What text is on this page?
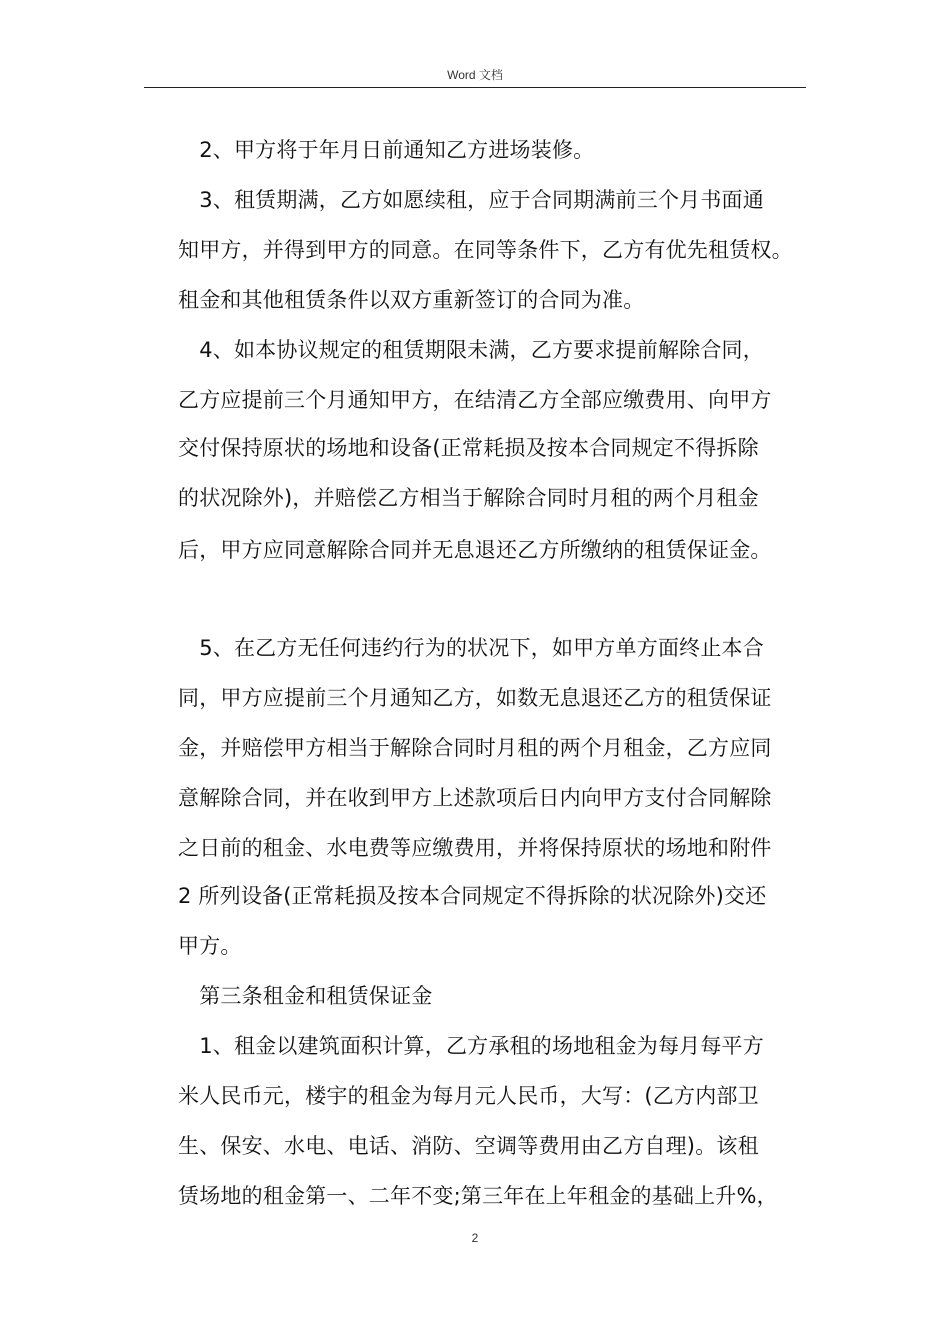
Word 文档
　2、甲方将于年月日前通知乙方进场装修。
　3、租赁期满，乙方如愿续租，应于合同期满前三个月书面通
知甲方，并得到甲方的同意。在同等条件下，乙方有优先租赁权。
租金和其他租赁条件以双方重新签订的合同为准。
　4、如本协议规定的租赁期限未满，乙方要求提前解除合同，
乙方应提前三个月通知甲方，在结清乙方全部应缴费用、向甲方
交付保持原状的场地和设备(正常耗损及按本合同规定不得拆除
的状况除外)，并赔偿乙方相当于解除合同时月租的两个月租金
后，甲方应同意解除合同并无息退还乙方所缴纳的租赁保证金。
　5、在乙方无任何违约行为的状况下，如甲方单方面终止本合
同，甲方应提前三个月通知乙方，如数无息退还乙方的租赁保证
金，并赔偿甲方相当于解除合同时月租的两个月租金，乙方应同
意解除合同，并在收到甲方上述款项后日内向甲方支付合同解除
之日前的租金、水电费等应缴费用，并将保持原状的场地和附件
2 所列设备(正常耗损及按本合同规定不得拆除的状况除外)交还
甲方。
　第三条租金和租赁保证金
　1、租金以建筑面积计算，乙方承租的场地租金为每月每平方
米人民币元，楼宇的租金为每月元人民币，大写：(乙方内部卫
生、保安、水电、电话、消防、空调等费用由乙方自理)。该租
赁场地的租金第一、二年不变;第三年在上年租金的基础上升%，
2
